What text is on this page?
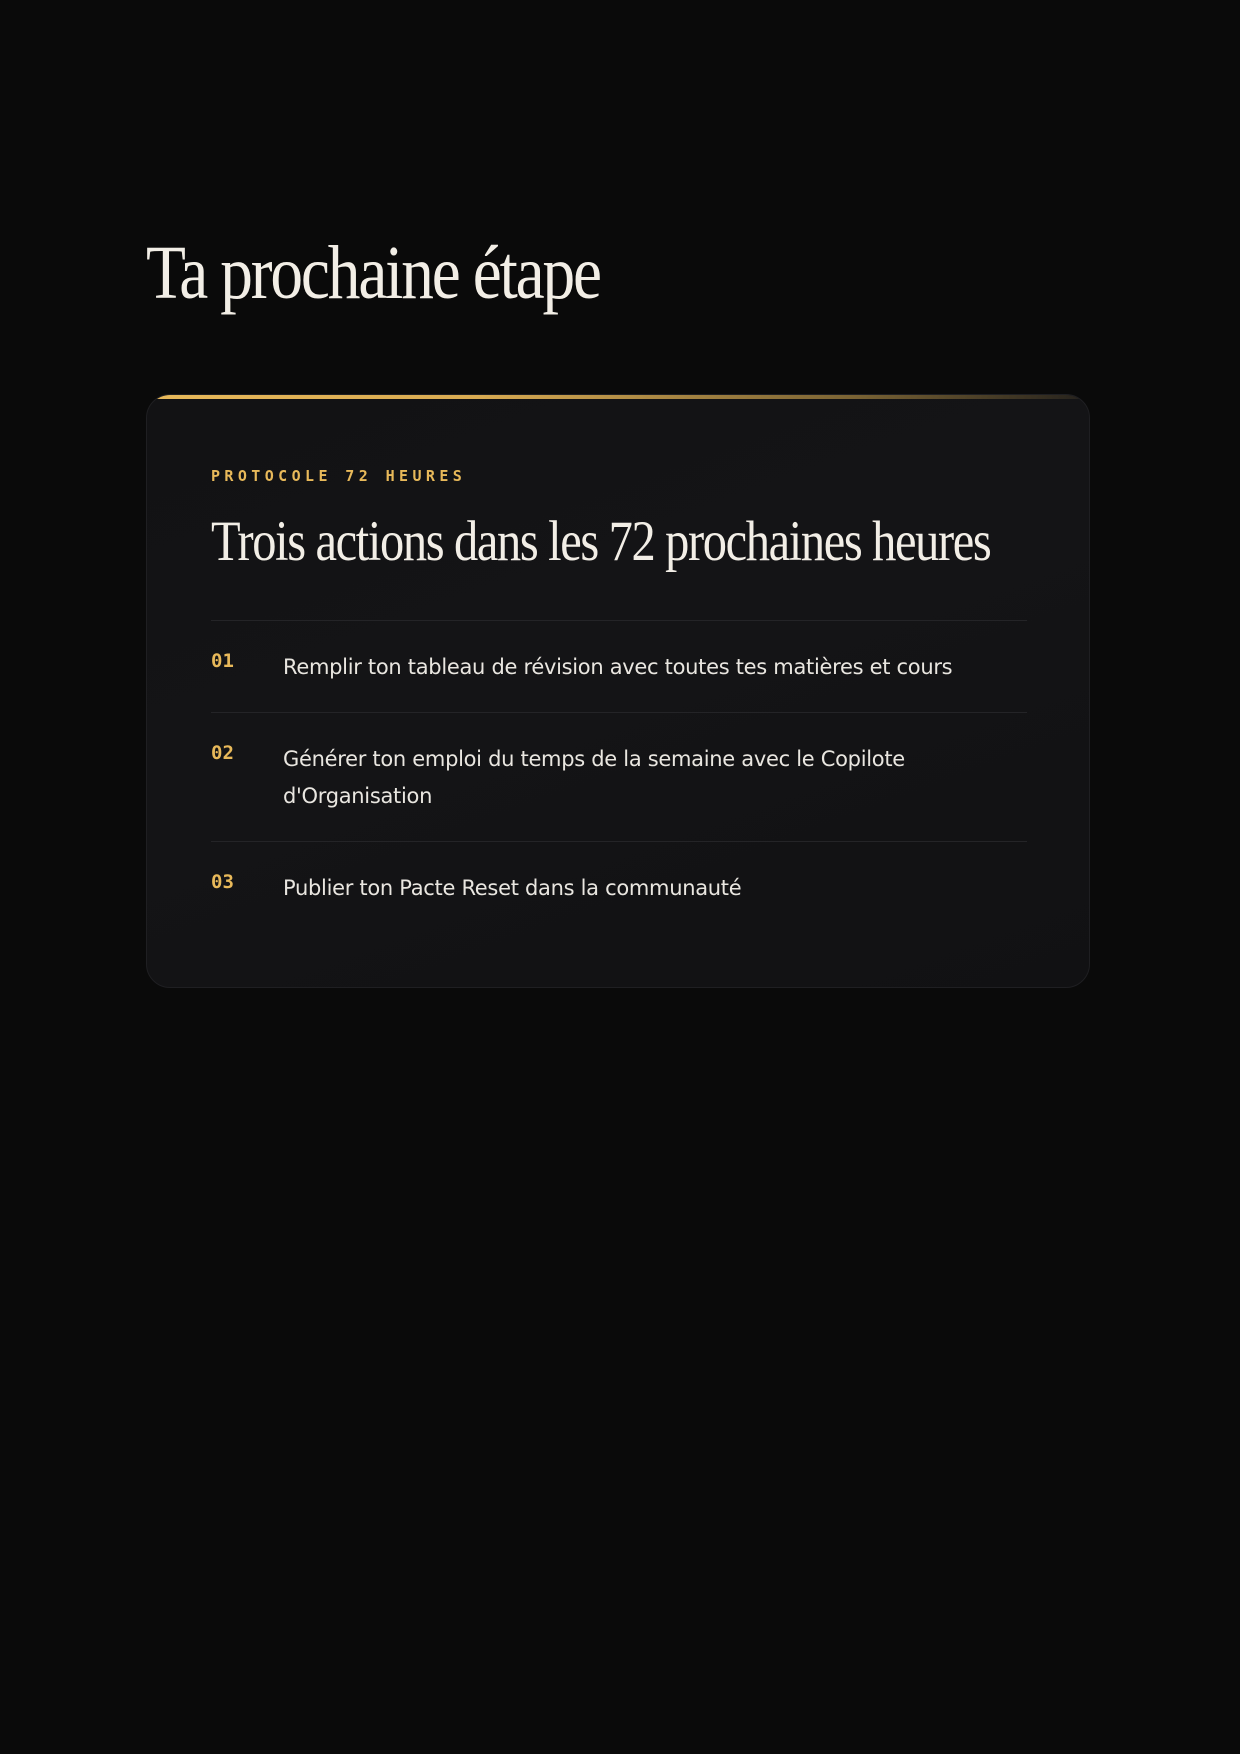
Ta prochaine étape
PROTOCOLE 72 HEURES
Trois actions dans les 72 prochaines heures
01 Remplir ton tableau de révision avec toutes tes matières et cours
02 Générer ton emploi du temps de la semaine avec le Copilote d'Organisation
03 Publier ton Pacte Reset dans la communauté
